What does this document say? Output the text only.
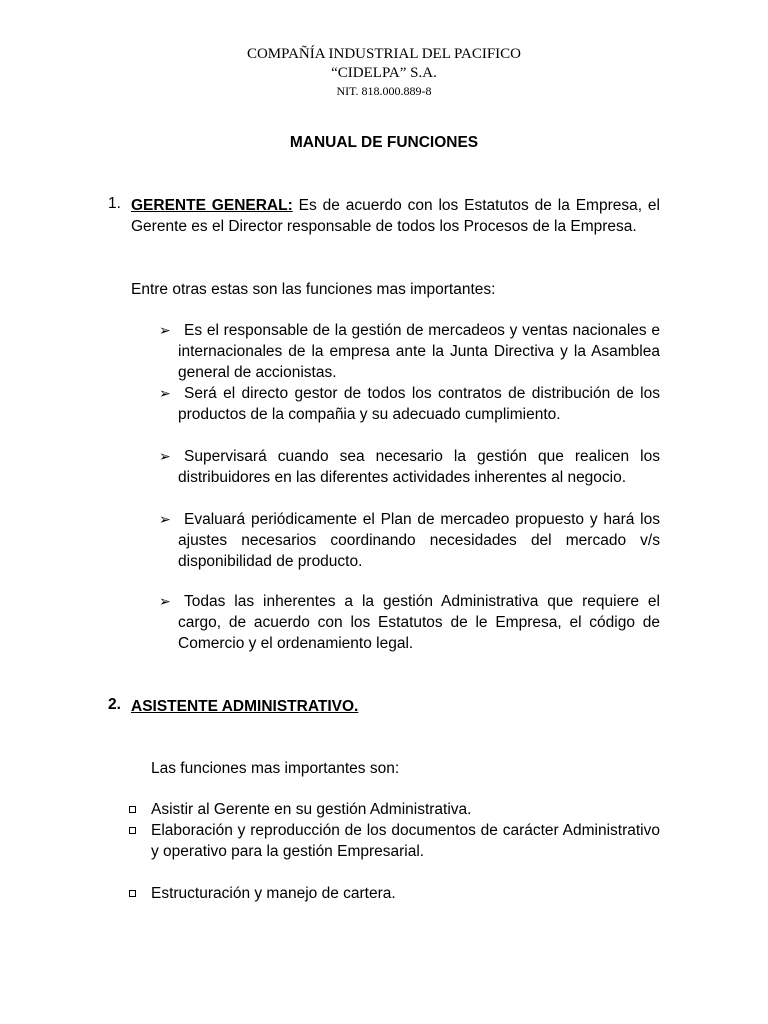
COMPAÑÍA INDUSTRIAL DEL PACIFICO
“CIDELPA” S.A.
NIT. 818.000.889-8
MANUAL DE FUNCIONES
1. GERENTE GENERAL: Es de acuerdo con los Estatutos de la Empresa, el Gerente es el Director responsable de todos los Procesos de la Empresa.
Entre otras estas son las funciones mas importantes:
➢ Es el responsable de la gestión de mercadeos y ventas nacionales e internacionales de la empresa ante la Junta Directiva y la Asamblea general de accionistas.
➢ Será el directo gestor de todos los contratos de distribución de los productos de la compañia y su adecuado cumplimiento.
➢ Supervisará cuando sea necesario la gestión que realicen los distribuidores en las diferentes actividades inherentes al negocio.
➢ Evaluará periódicamente el Plan de mercadeo propuesto y hará los ajustes necesarios coordinando necesidades del mercado v/s disponibilidad de producto.
➢ Todas las inherentes a la gestión Administrativa que requiere el cargo, de acuerdo con los Estatutos de le Empresa, el código de Comercio y el ordenamiento legal.
2. ASISTENTE ADMINISTRATIVO.
Las funciones mas importantes son:
Asistir al Gerente en su gestión Administrativa.
Elaboración y reproducción de los documentos de carácter Administrativo y operativo para la gestión Empresarial.
Estructuración y manejo de cartera.
